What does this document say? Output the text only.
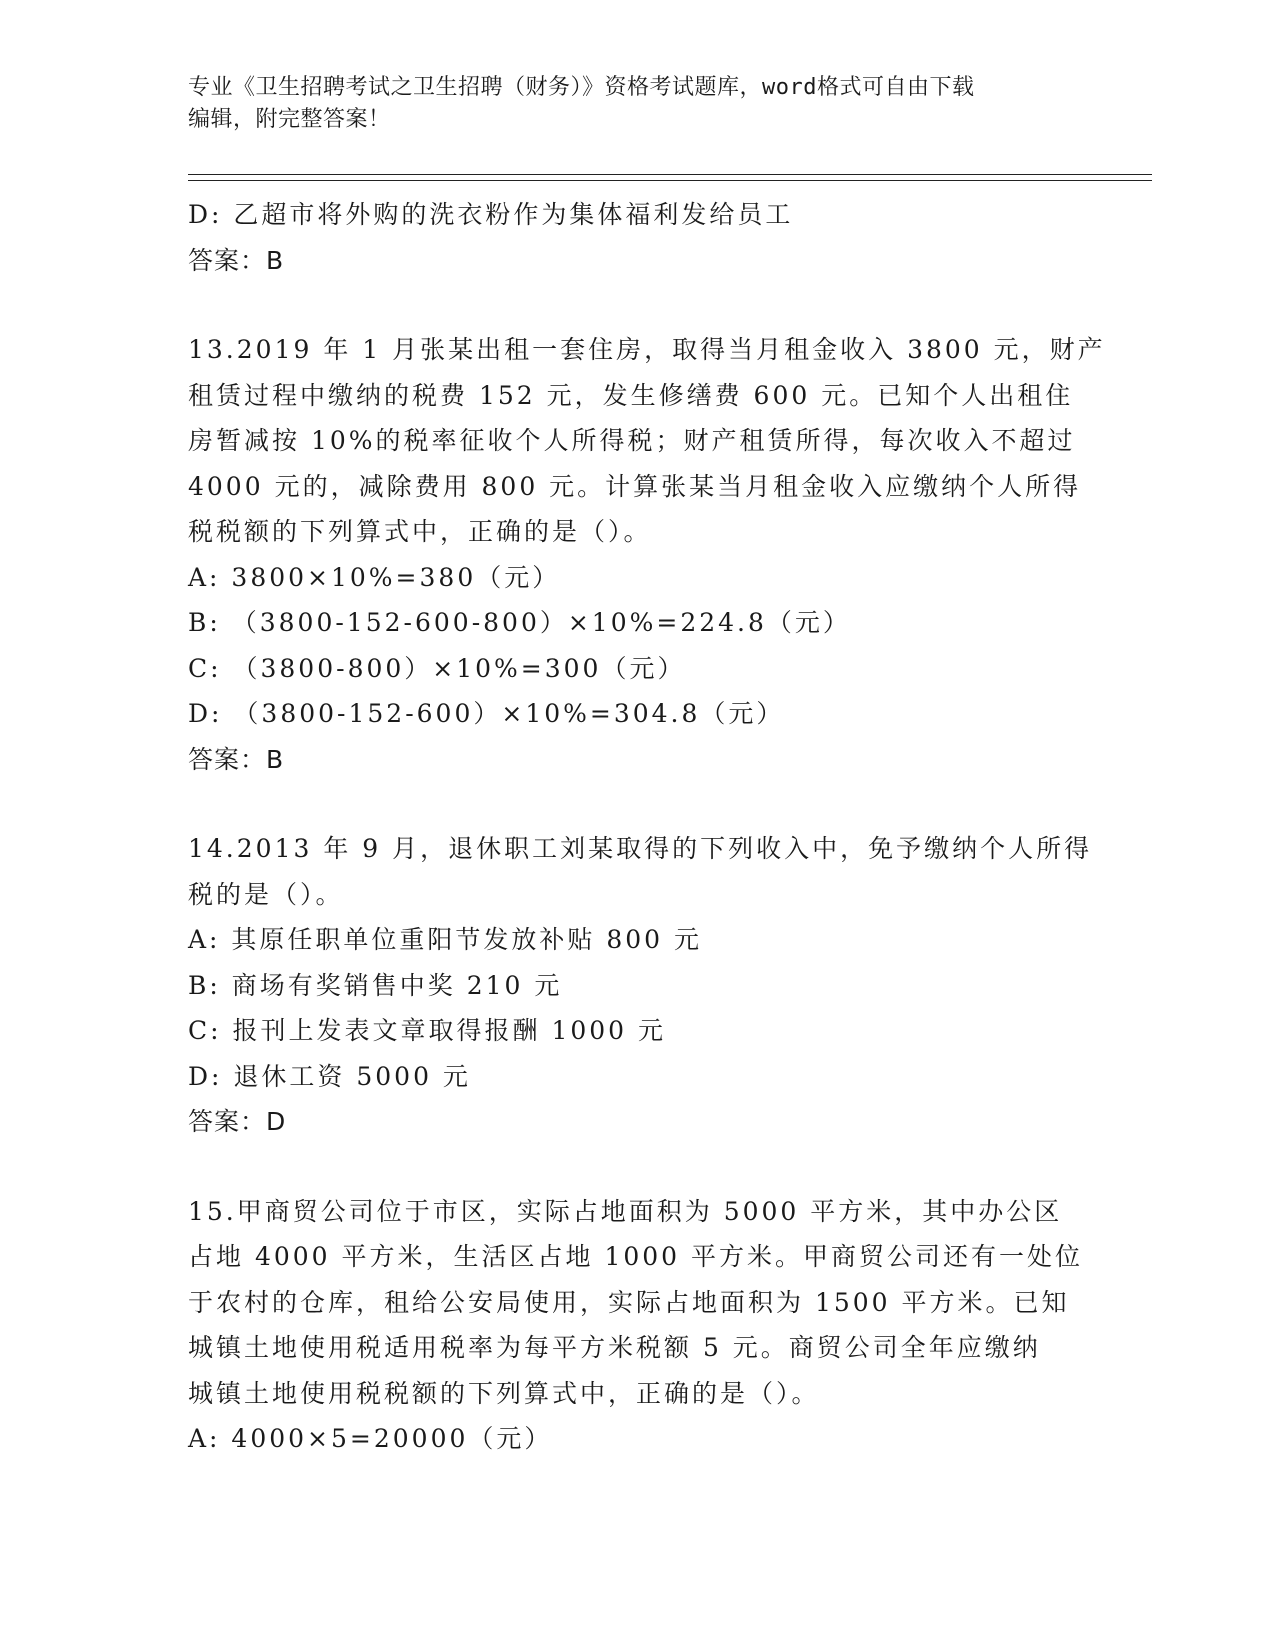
专业《卫生招聘考试之卫生招聘（财务）》资格考试题库，word格式可自由下载
编辑，附完整答案！
D: 乙超市将外购的洗衣粉作为集体福利发给员工
答案：B
13.2019 年 1 月张某出租一套住房，取得当月租金收入 3800 元，财产
租赁过程中缴纳的税费 152 元，发生修缮费 600 元。已知个人出租住
房暂减按 10%的税率征收个人所得税；财产租赁所得，每次收入不超过
4000 元的，减除费用 800 元。计算张某当月租金收入应缴纳个人所得
税税额的下列算式中，正确的是（）。
A: 3800×10%=380（元）
B: （3800-152-600-800）×10%=224.8（元）
C: （3800-800）×10%=300（元）
D: （3800-152-600）×10%=304.8（元）
答案：B
14.2013 年 9 月，退休职工刘某取得的下列收入中，免予缴纳个人所得
税的是（）。
A: 其原任职单位重阳节发放补贴 800 元
B: 商场有奖销售中奖 210 元
C: 报刊上发表文章取得报酬 1000 元
D: 退休工资 5000 元
答案：D
15.甲商贸公司位于市区，实际占地面积为 5000 平方米，其中办公区
占地 4000 平方米，生活区占地 1000 平方米。甲商贸公司还有一处位
于农村的仓库，租给公安局使用，实际占地面积为 1500 平方米。已知
城镇土地使用税适用税率为每平方米税额 5 元。商贸公司全年应缴纳
城镇土地使用税税额的下列算式中，正确的是（）。
A: 4000×5=20000（元）
